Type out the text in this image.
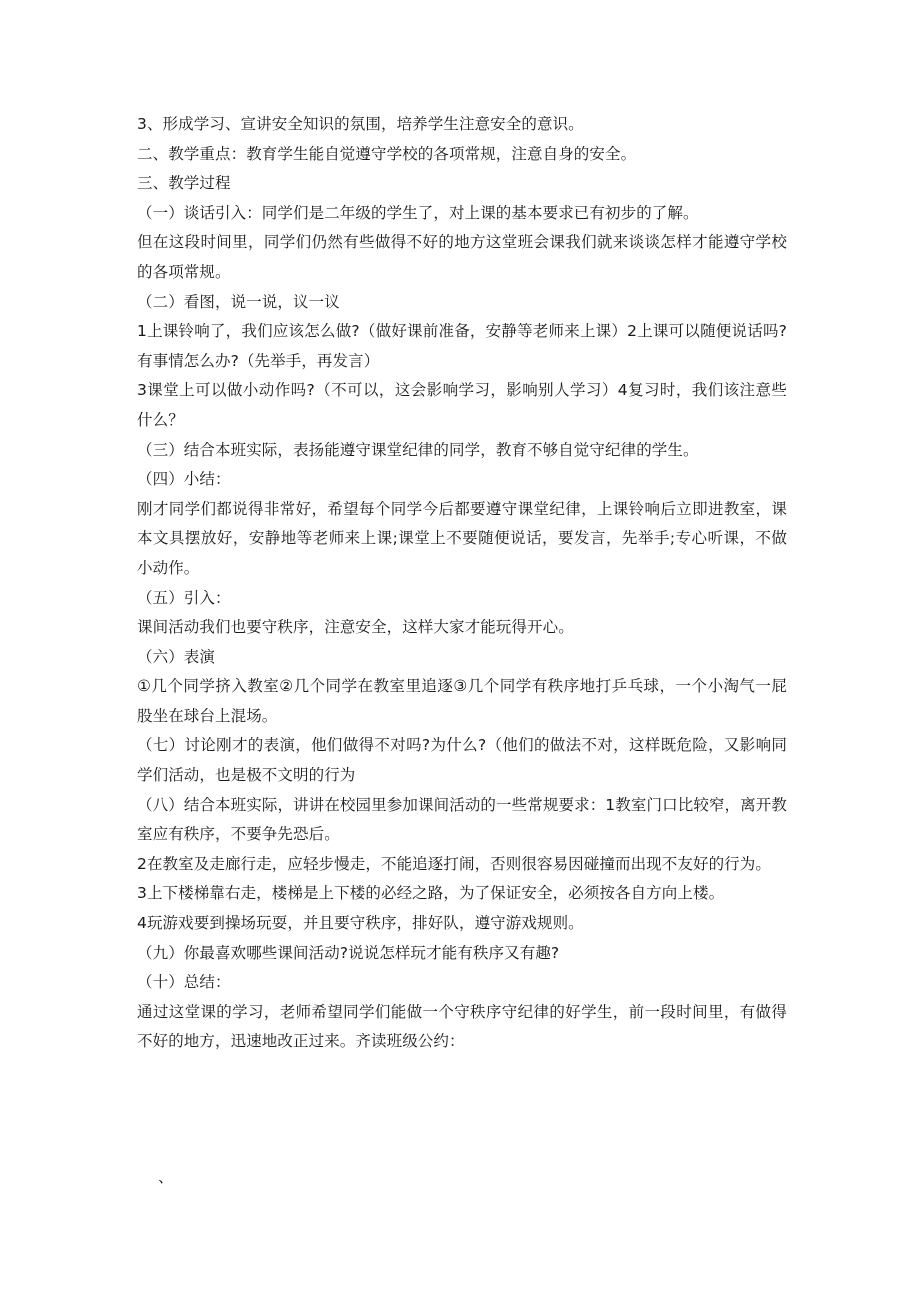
3、形成学习、宣讲安全知识的氛围，培养学生注意安全的意识。

二、教学重点：教育学生能自觉遵守学校的各项常规，注意自身的安全。

三、教学过程

（一）谈话引入：同学们是二年级的学生了，对上课的基本要求已有初步的了解。

但在这段时间里，同学们仍然有些做得不好的地方这堂班会课我们就来谈谈怎样才能遵守学校的各项常规。

（二）看图，说一说，议一议

1上课铃响了，我们应该怎么做?（做好课前准备，安静等老师来上课）2上课可以随便说话吗?有事情怎么办?（先举手，再发言）

3课堂上可以做小动作吗?（不可以，这会影响学习，影响别人学习）4复习时，我们该注意些什么？

（三）结合本班实际，表扬能遵守课堂纪律的同学，教育不够自觉守纪律的学生。

（四）小结：

刚才同学们都说得非常好，希望每个同学今后都要遵守课堂纪律，上课铃响后立即进教室，课本文具摆放好，安静地等老师来上课;课堂上不要随便说话，要发言，先举手;专心听课，不做小动作。

（五）引入：

课间活动我们也要守秩序，注意安全，这样大家才能玩得开心。

（六）表演

①几个同学挤入教室②几个同学在教室里追逐③几个同学有秩序地打乒乓球，一个小淘气一屁股坐在球台上混场。

（七）讨论刚才的表演，他们做得不对吗?为什么?（他们的做法不对，这样既危险，又影响同学们活动，也是极不文明的行为

（八）结合本班实际，讲讲在校园里参加课间活动的一些常规要求：1教室门口比较窄，离开教室应有秩序，不要争先恐后。

2在教室及走廊行走，应轻步慢走，不能追逐打闹，否则很容易因碰撞而出现不友好的行为。

3上下楼梯靠右走，楼梯是上下楼的必经之路，为了保证安全，必须按各自方向上楼。

4玩游戏要到操场玩耍，并且要守秩序，排好队，遵守游戏规则。

（九）你最喜欢哪些课间活动?说说怎样玩才能有秩序又有趣?

（十）总结：

通过这堂课的学习，老师希望同学们能做一个守秩序守纪律的好学生，前一段时间里，有做得不好的地方，迅速地改正过来。齐读班级公约：

、
